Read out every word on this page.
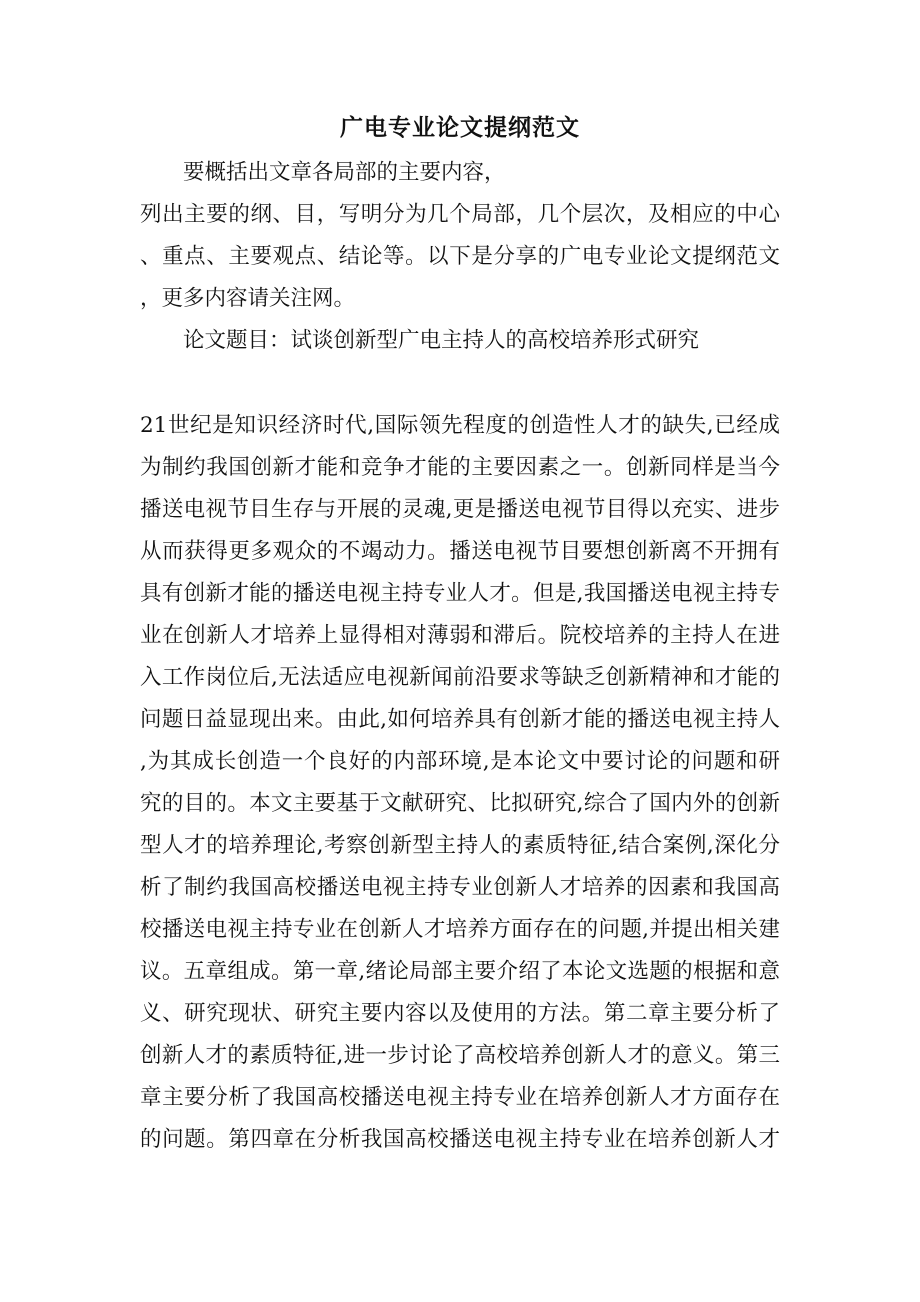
广电专业论文提纲范文
要概括出文章各局部的主要内容，
列出主要的纲、目，写明分为几个局部，几个层次，及相应的中心
、重点、主要观点、结论等。以下是分享的广电专业论文提纲范文
，更多内容请关注网。
论文题目：试谈创新型广电主持人的高校培养形式研究
21世纪是知识经济时代,国际领先程度的创造性人才的缺失,已经成
为制约我国创新才能和竞争才能的主要因素之一。创新同样是当今
播送电视节目生存与开展的灵魂,更是播送电视节目得以充实、进步
从而获得更多观众的不竭动力。播送电视节目要想创新离不开拥有
具有创新才能的播送电视主持专业人才。但是,我国播送电视主持专
业在创新人才培养上显得相对薄弱和滞后。院校培养的主持人在进
入工作岗位后,无法适应电视新闻前沿要求等缺乏创新精神和才能的
问题日益显现出来。由此,如何培养具有创新才能的播送电视主持人
,为其成长创造一个良好的内部环境,是本论文中要讨论的问题和研
究的目的。本文主要基于文献研究、比拟研究,综合了国内外的创新
型人才的培养理论,考察创新型主持人的素质特征,结合案例,深化分
析了制约我国高校播送电视主持专业创新人才培养的因素和我国高
校播送电视主持专业在创新人才培养方面存在的问题,并提出相关建
议。五章组成。第一章,绪论局部主要介绍了本论文选题的根据和意
义、研究现状、研究主要内容以及使用的方法。第二章主要分析了
创新人才的素质特征,进一步讨论了高校培养创新人才的意义。第三
章主要分析了我国高校播送电视主持专业在培养创新人才方面存在
的问题。第四章在分析我国高校播送电视主持专业在培养创新人才
